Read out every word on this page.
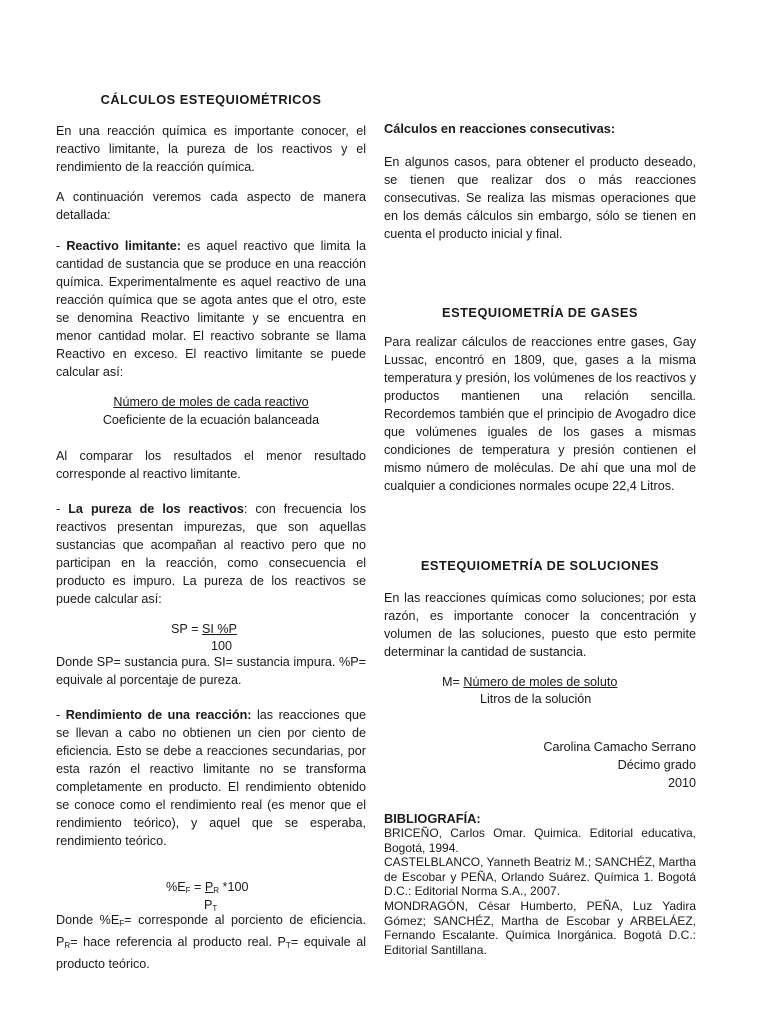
CÁLCULOS ESTEQUIOMÉTRICOS

En una reacción química es importante conocer, el reactivo limitante, la pureza de los reactivos y el rendimiento de la reacción química.

A continuación veremos cada aspecto de manera detallada:

- Reactivo limitante: es aquel reactivo que limita la cantidad de sustancia que se produce en una reacción química. Experimentalmente es aquel reactivo de una reacción química que se agota antes que el otro, este se denomina Reactivo limitante y se encuentra en menor cantidad molar. El reactivo sobrante se llama Reactivo en exceso. El reactivo limitante se puede calcular así:

Número de moles de cada reactivo
Coeficiente de la ecuación balanceada

Al comparar los resultados el menor resultado corresponde al reactivo limitante.

- La pureza de los reactivos: con frecuencia los reactivos presentan impurezas, que son aquellas sustancias que acompañan al reactivo pero que no participan en la reacción, como consecuencia el producto es impuro. La pureza de los reactivos se puede calcular así:

SP = SI %P
100

Donde SP= sustancia pura. SI= sustancia impura. %P= equivale al porcentaje de pureza.

- Rendimiento de una reacción: las reacciones que se llevan a cabo no obtienen un cien por ciento de eficiencia. Esto se debe a reacciones secundarias, por esta razón el reactivo limitante no se transforma completamente en producto. El rendimiento obtenido se conoce como el rendimiento real (es menor que el rendimiento teórico), y aquel que se esperaba, rendimiento teórico.

$\%E_F = P_R$ *100
$P_T$

Donde $\%E_F=$ corresponde al porciento de eficiencia. $P_R=$ hace referencia al producto real. $P_T=$ equivale al producto teórico.

Cálculos en reacciones consecutivas:

En algunos casos, para obtener el producto deseado, se tienen que realizar dos o más reacciones consecutivas. Se realiza las mismas operaciones que en los demás cálculos sin embargo, sólo se tienen en cuenta el producto inicial y final.

ESTEQUIOMETRÍA DE GASES

Para realizar cálculos de reacciones entre gases, Gay Lussac, encontró en 1809, que, gases a la misma temperatura y presión, los volúmenes de los reactivos y productos mantienen una relación sencilla. Recordemos también que el principio de Avogadro dice que volúmenes iguales de los gases a mismas condiciones de temperatura y presión contienen el mismo número de moléculas. De ahí que una mol de cualquier a condiciones normales ocupe 22,4 Litros.

ESTEQUIOMETRÍA DE SOLUCIONES

En las reacciones químicas como soluciones; por esta razón, es importante conocer la concentración y volumen de las soluciones, puesto que esto permite determinar la cantidad de sustancia.

M= Número de moles de soluto
Litros de la solución
Carolina Camacho Serrano
Décimo grado
2010
BIBLIOGRAFÍA:

BRICEÑO, Carlos Omar. Quimica. Editorial educativa, Bogotá, 1994.

CASTELBLANCO, Yanneth Beatriz M.; SANCHÉZ, Martha de Escobar y PEÑA, Orlando Suárez. Química 1. Bogotá D.C.: Editorial Norma S.A., 2007.

MONDRAGÓN, César Humberto, PEÑA, Luz Yadira Gómez; SANCHÉZ, Martha de Escobar y ARBELÁEZ, Fernando Escalante. Química Inorgánica. Bogotá D.C.: Editorial Santillana.
